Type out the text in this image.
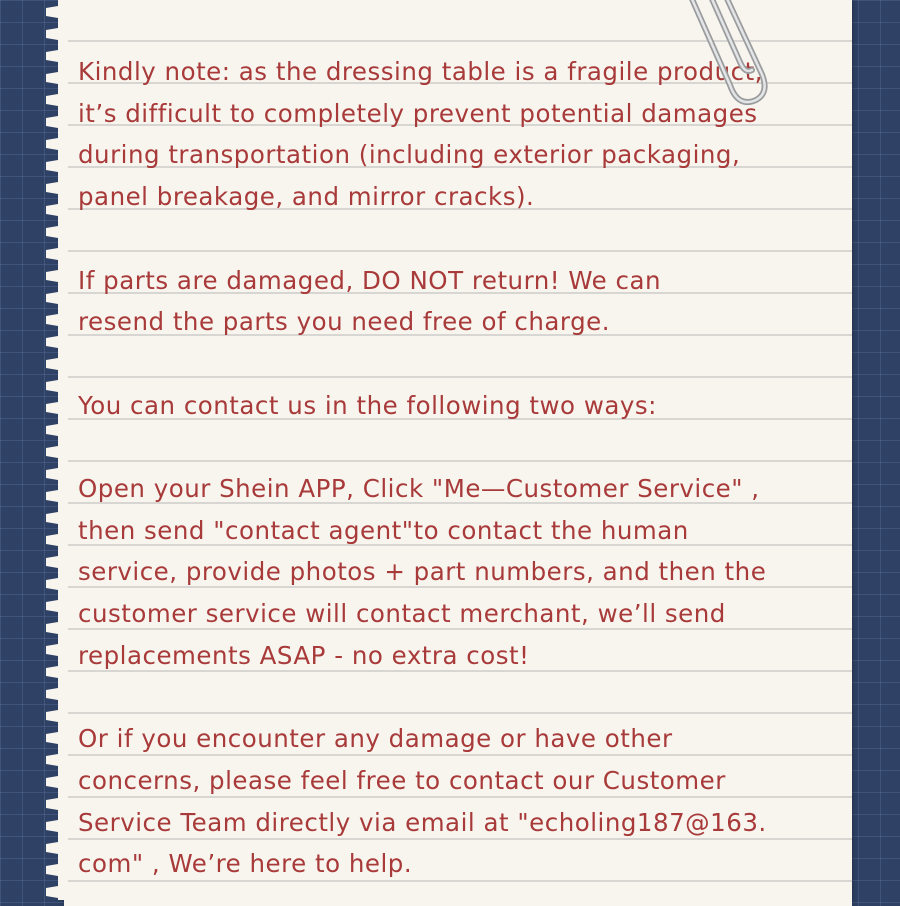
Kindly note: as the dressing table is a fragile product,
it’s difficult to completely prevent potential damages
during transportation (including exterior packaging,
panel breakage, and mirror cracks).

If parts are damaged, DO NOT return! We can
resend the parts you need free of charge.

You can contact us in the following two ways:

Open your Shein APP, Click "Me—Customer Service" ,
then send "contact agent"to contact the human
service, provide photos + part numbers, and then the
customer service will contact merchant, we’ll send
replacements ASAP - no extra cost!

Or if you encounter any damage or have other
concerns, please feel free to contact our Customer
Service Team directly via email at "echoling187@163.
com" , We’re here to help.
